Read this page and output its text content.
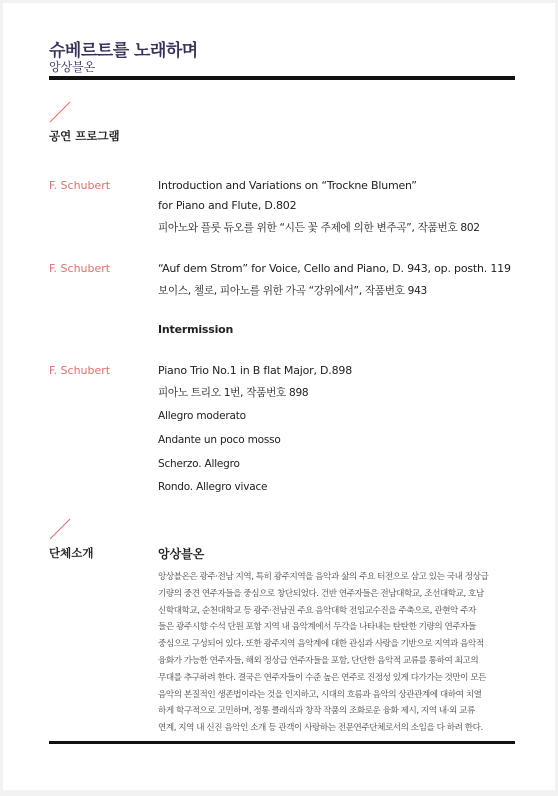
슈베르트를 노래하며
앙상블온
공연 프로그램
F. Schubert	Introduction and Variations on “Trockne Blumen”
for Piano and Flute, D.802
피아노와 플룻 듀오를 위한 “시든 꽃 주제에 의한 변주곡”, 작품번호 802
F. Schubert	“Auf dem Strom” for Voice, Cello and Piano, D. 943, op. posth. 119
보이스, 첼로, 피아노를 위한 가곡 “강위에서”, 작품번호 943
Intermission
F. Schubert	Piano Trio No.1 in B flat Major, D.898
피아노 트리오 1번, 작품번호 898
Allegro moderato
Andante un poco mosso
Scherzo. Allegro
Rondo. Allegro vivace
단체소개	앙상블온
앙상블온은 광주·전남 지역, 특히 광주지역을 음악과 삶의 주요 터전으로 삼고 있는 국내 정상급
기량의 중견 연주자들을 중심으로 창단되었다. 건반 연주자들은 전남대학교, 조선대학교, 호남
신학대학교, 순천대학교 등 광주·전남권 주요 음악대학 전임교수진을 주축으로, 관현악 주자
들은 광주시향 수석 단원 포함 지역 내 음악계에서 두각을 나타내는 탄탄한 기량의 연주자들
중심으로 구성되어 있다. 또한 광주지역 음악계에 대한 관심과 사랑을 기반으로 지역과 음악적
융화가 가능한 연주자들, 해외 정상급 연주자들을 포함, 단단한 음악적 교류를 통하여 최고의
무대를 추구하려 한다. 결국은 연주자들이 수준 높은 연주로 진정성 있게 다가가는 것만이 모든
음악의 본질적인 생존법이라는 것을 인지하고, 시대의 흐름과 음악의 상관관계에 대하여 치열
하게 학구적으로 고민하며, 정통 클래식과 창작 작품의 조화로운 융화 제시, 지역 내·외 교류
연계, 지역 내 신진 음악인 소개 등 관객이 사랑하는 전문연주단체로서의 소임을 다 하려 한다.
